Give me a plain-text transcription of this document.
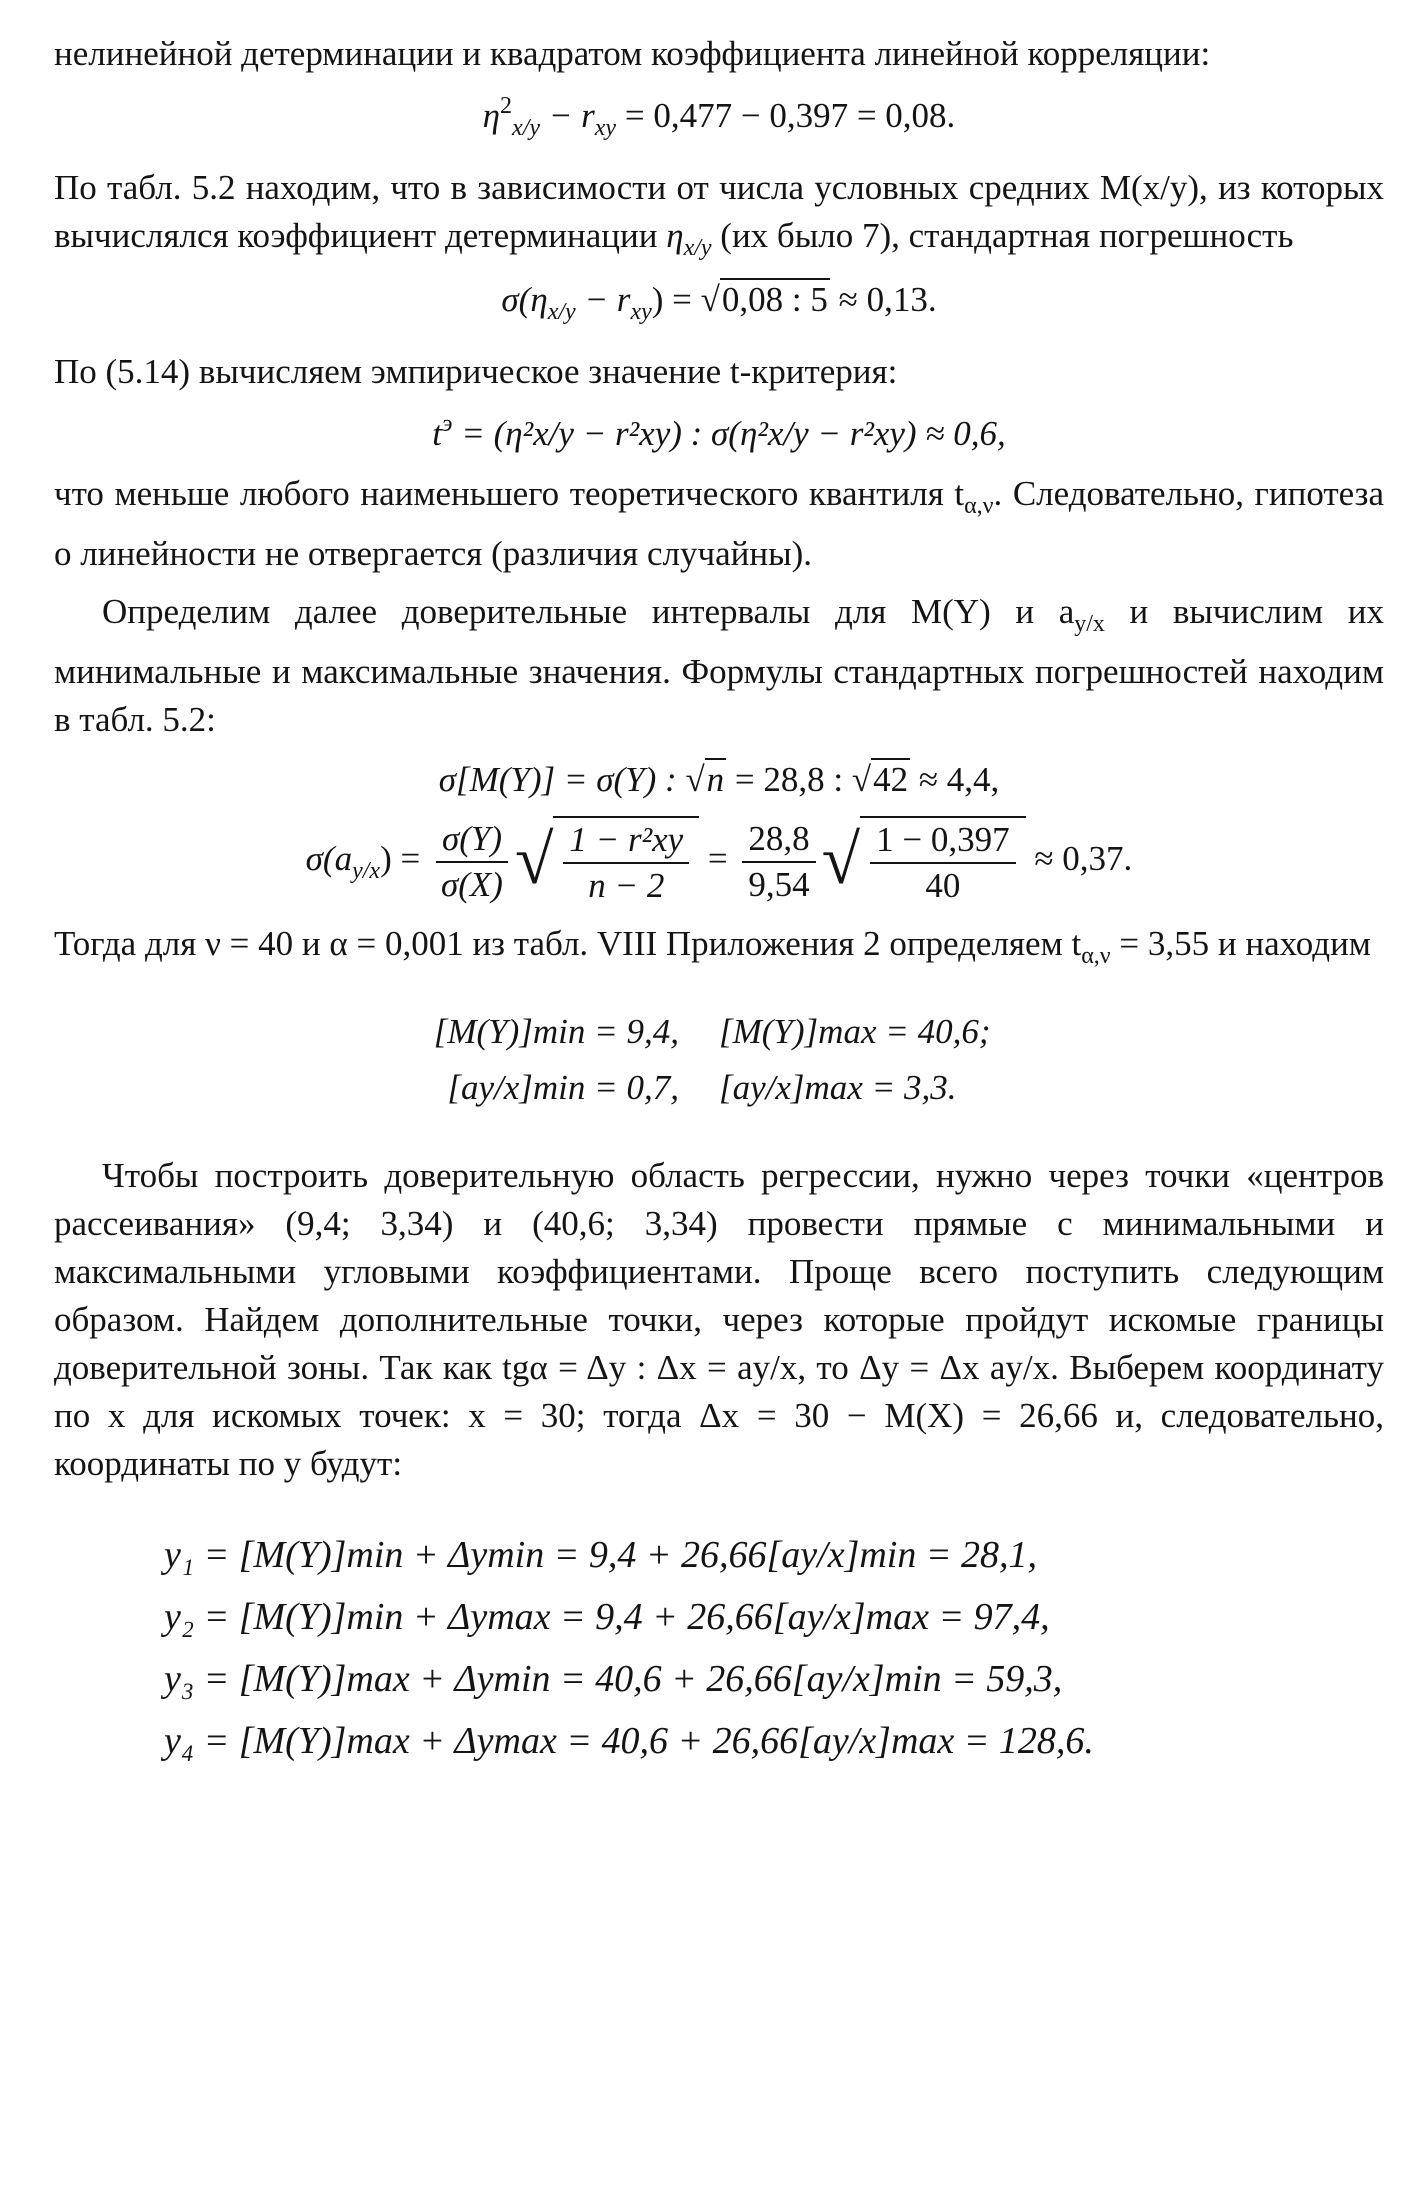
нелинейной детерминации и квадратом коэффициента линейной корреляции:

$\eta^2_{x/y} - r_{xy} = 0,477 - 0,397 = 0,08$.

По табл. 5.2 находим, что в зависимости от числа условных средних M(x/y), из которых вычислялся коэффициент детерминации $\eta_{x/y}$ (их было 7), стандартная погрешность

$\sigma(\eta_{x/y} - r_{xy}) = √0,08$ : 5 ≈ 0,13.

По (5.14) вычисляем эмпирическое значение t-критерия:

$t^э = (\eta^2x/y - r^2xy)$ : σ(η²x/y − r²xy) ≈ 0,6,

что меньше любого наименьшего теоретического квантиля $t_{\alpha,\nu}$. Следовательно, гипотеза о линейности не отвергается (различия случайны).

Определим далее доверительные интервалы для M(Y) и $a_{y/x}$ и вычислим их минимальные и максимальные значения. Формулы стандартных погрешностей находим в табл. 5.2:

σ[M(Y)] = σ(Y) : √n = 28,8 : √42 ≈ 4,4,
$\sigma(a_{y/x}) = \frac{\sigma(Y)}{\sigma(X)}$ √ $\frac{\text{1 − r²xy}}{n - 2} = \frac{28,8}{9,54}$ √ $\frac{1 - 0,397}{40} \approx 0,37$.

Тогда для ν = 40 и α = 0,001 из табл. VIII Приложения 2 определяем $t_{\alpha,\nu} = 3,55$ и находим

[M(Y)]min = 9,4,	[M(Y)]max = 40,6;
[ay/x]min = 0,7,	[ay/x]max = 3,3.

Чтобы построить доверительную область регрессии, нужно через точки «центров рассеивания» (9,4; 3,34) и (40,6; 3,34) провести прямые с минимальными и максимальными угловыми коэффициентами. Проще всего поступить следующим образом. Найдем дополнительные точки, через которые пройдут искомые границы доверительной зоны. Так как tgα = Δy : Δx = ay/x, то Δy = Δx ay/x. Выберем координату по x для искомых точек: x = 30; тогда Δx = 30 − M(X) = 26,66 и, следовательно, координаты по y будут:

y₁ = [M(Y)]min + Δymin = 9,4 + 26,66[ay/x]min = 28,1,
y₂ = [M(Y)]min + Δymax = 9,4 + 26,66[ay/x]max = 97,4,
y₃ = [M(Y)]max + Δymin = 40,6 + 26,66[ay/x]min = 59,3,
y₄ = [M(Y)]max + Δymax = 40,6 + 26,66[ay/x]max = 128,6.
